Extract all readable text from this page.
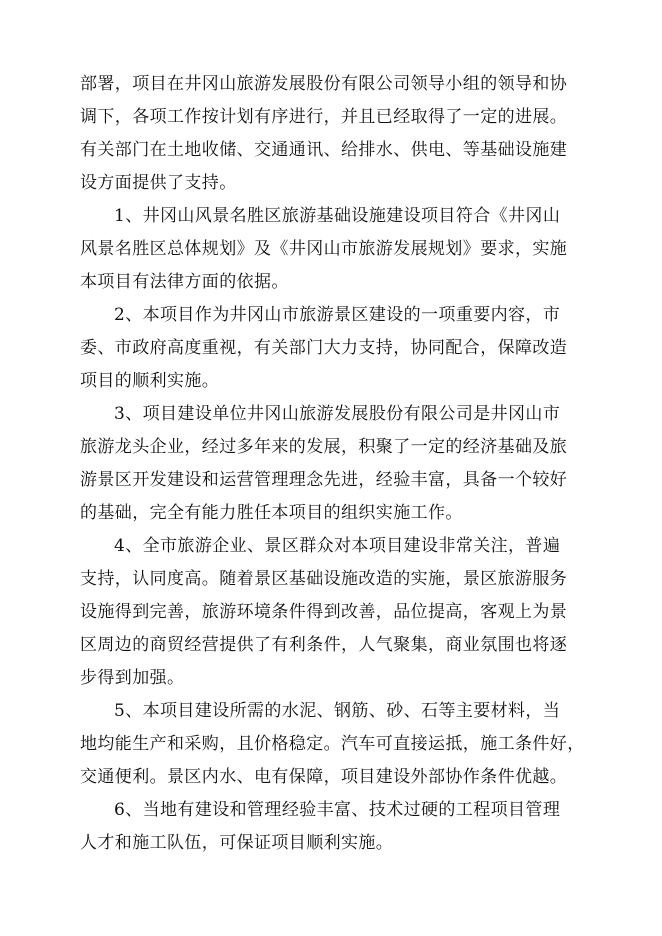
部署，项目在井冈山旅游发展股份有限公司领导小组的领导和协
调下，各项工作按计划有序进行，并且已经取得了一定的进展。
有关部门在土地收储、交通通讯、给排水、供电、等基础设施建
设方面提供了支持。
1、井冈山风景名胜区旅游基础设施建设项目符合《井冈山
风景名胜区总体规划》及《井冈山市旅游发展规划》要求，实施
本项目有法律方面的依据。
2、本项目作为井冈山市旅游景区建设的一项重要内容，市
委、市政府高度重视，有关部门大力支持，协同配合，保障改造
项目的顺利实施。
3、项目建设单位井冈山旅游发展股份有限公司是井冈山市
旅游龙头企业，经过多年来的发展，积聚了一定的经济基础及旅
游景区开发建设和运营管理理念先进，经验丰富，具备一个较好
的基础，完全有能力胜任本项目的组织实施工作。
4、全市旅游企业、景区群众对本项目建设非常关注，普遍
支持，认同度高。随着景区基础设施改造的实施，景区旅游服务
设施得到完善，旅游环境条件得到改善，品位提高，客观上为景
区周边的商贸经营提供了有利条件，人气聚集，商业氛围也将逐
步得到加强。
5、本项目建设所需的水泥、钢筋、砂、石等主要材料，当
地均能生产和采购，且价格稳定。汽车可直接运抵，施工条件好，
交通便利。景区内水、电有保障，项目建设外部协作条件优越。
6、当地有建设和管理经验丰富、技术过硬的工程项目管理
人才和施工队伍，可保证项目顺利实施。
